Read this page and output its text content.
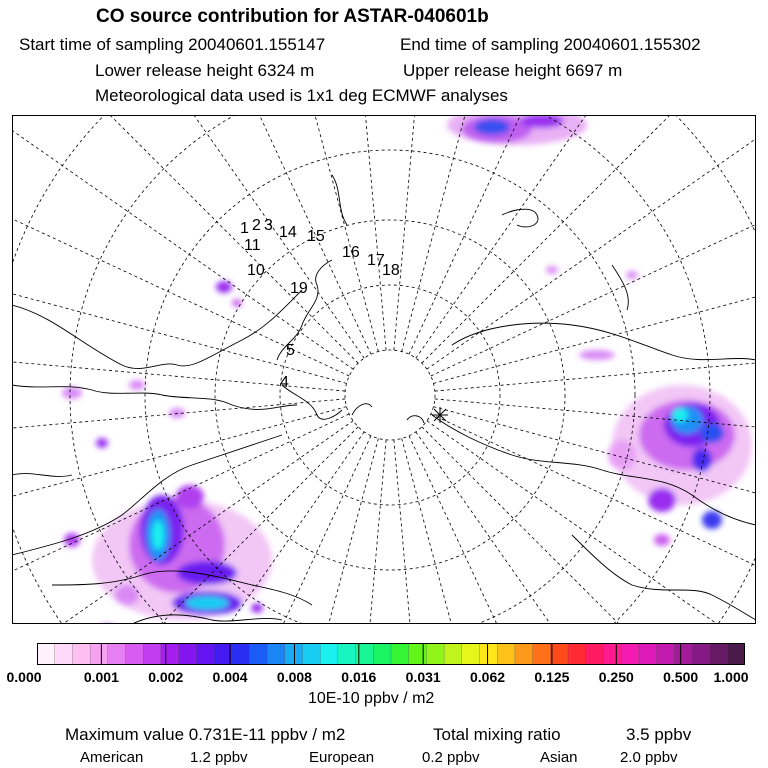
CO source contribution for ASTAR-040601b
Start time of sampling 20040601.155147	End time of sampling 20040601.155302
Lower release height 6324 m	Upper release height 6697 m
Meteorological data used is 1x1 deg ECMWF analyses
1 2 3 14 15
16 17
18
10
11
19
5
4
0.000	0.001 0.002 0.004 0.008 0.016 0.031 0.062 0.125 0.250 0.500 1.000
10E-10 ppbv / m2
Maximum value 0.731E-11 ppbv / m2	Total mixing ratio	3.5 ppbv
American	1.2 ppbv	European	0.2 ppbv	Asian	2.0 ppbv
